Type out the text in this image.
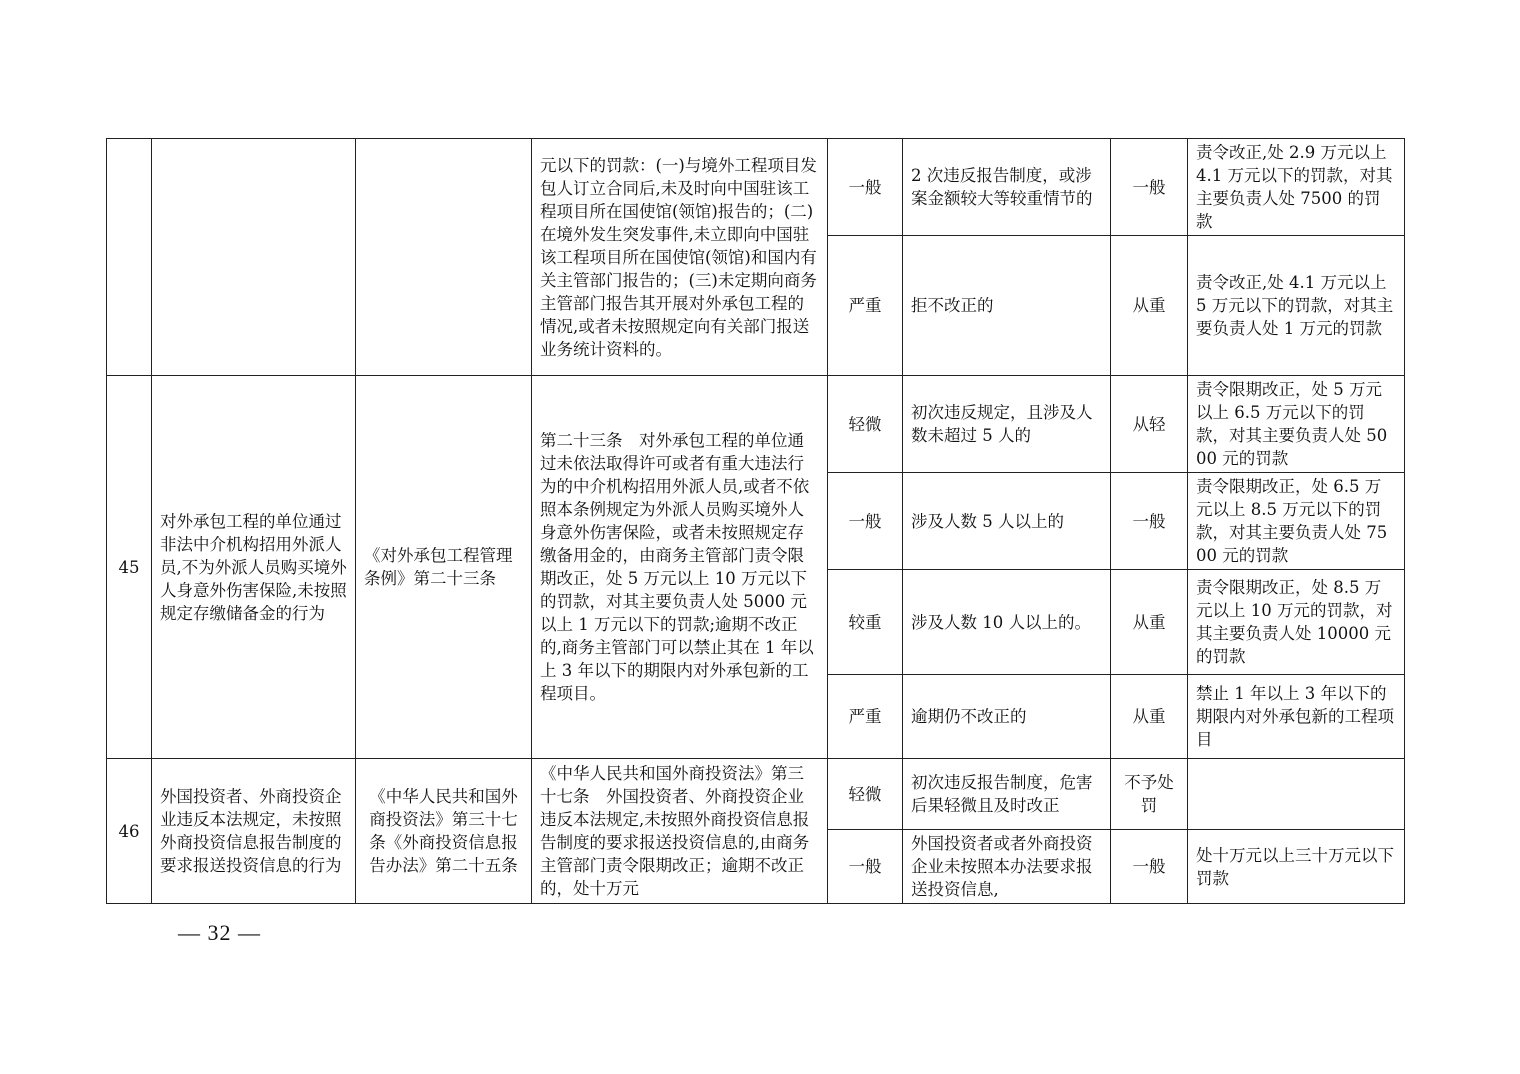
			元以下的罚款：(一)与境外工程项目发包人订立合同后,未及时向中国驻该工程项目所在国使馆(领馆)报告的；(二)在境外发生突发事件,未立即向中国驻该工程项目所在国使馆(领馆)和国内有关主管部门报告的；(三)未定期向商务主管部门报告其开展对外承包工程的情况,或者未按照规定向有关部门报送业务统计资料的。	一般	2 次违反报告制度，或涉案金额较大等较重情节的	一般	责令改正,处 2.9 万元以上 4.1 万元以下的罚款，对其主要负责人处 7500 的罚款
				严重	拒不改正的	从重	责令改正,处 4.1 万元以上 5 万元以下的罚款，对其主要负责人处 1 万元的罚款
45	对外承包工程的单位通过非法中介机构招用外派人员,不为外派人员购买境外人身意外伤害保险,未按照规定存缴储备金的行为	《对外承包工程管理条例》第二十三条	第二十三条　对外承包工程的单位通过未依法取得许可或者有重大违法行为的中介机构招用外派人员,或者不依照本条例规定为外派人员购买境外人身意外伤害保险，或者未按照规定存缴备用金的，由商务主管部门责令限期改正，处 5 万元以上 10 万元以下的罚款，对其主要负责人处 5000 元以上 1 万元以下的罚款;逾期不改正的,商务主管部门可以禁止其在 1 年以上 3 年以下的期限内对外承包新的工程项目。	轻微	初次违反规定，且涉及人数未超过 5 人的	从轻	责令限期改正，处 5 万元以上 6.5 万元以下的罚款，对其主要负责人处 5000 元的罚款
				一般	涉及人数 5 人以上的	一般	责令限期改正，处 6.5 万元以上 8.5 万元以下的罚款，对其主要负责人处 7500 元的罚款
				较重	涉及人数 10 人以上的。	从重	责令限期改正，处 8.5 万元以上 10 万元的罚款，对其主要负责人处 10000 元的罚款
				严重	逾期仍不改正的	从重	禁止 1 年以上 3 年以下的期限内对外承包新的工程项目
46	外国投资者、外商投资企业违反本法规定，未按照外商投资信息报告制度的要求报送投资信息的行为	《中华人民共和国外商投资法》第三十七条《外商投资信息报告办法》第二十五条	《中华人民共和国外商投资法》第三十七条　外国投资者、外商投资企业违反本法规定,未按照外商投资信息报告制度的要求报送投资信息的,由商务主管部门责令限期改正；逾期不改正的，处十万元	轻微	初次违反报告制度，危害后果轻微且及时改正	不予处罚	
				一般	外国投资者或者外商投资企业未按照本办法要求报送投资信息,	一般	处十万元以上三十万元以下罚款
— 32 —
